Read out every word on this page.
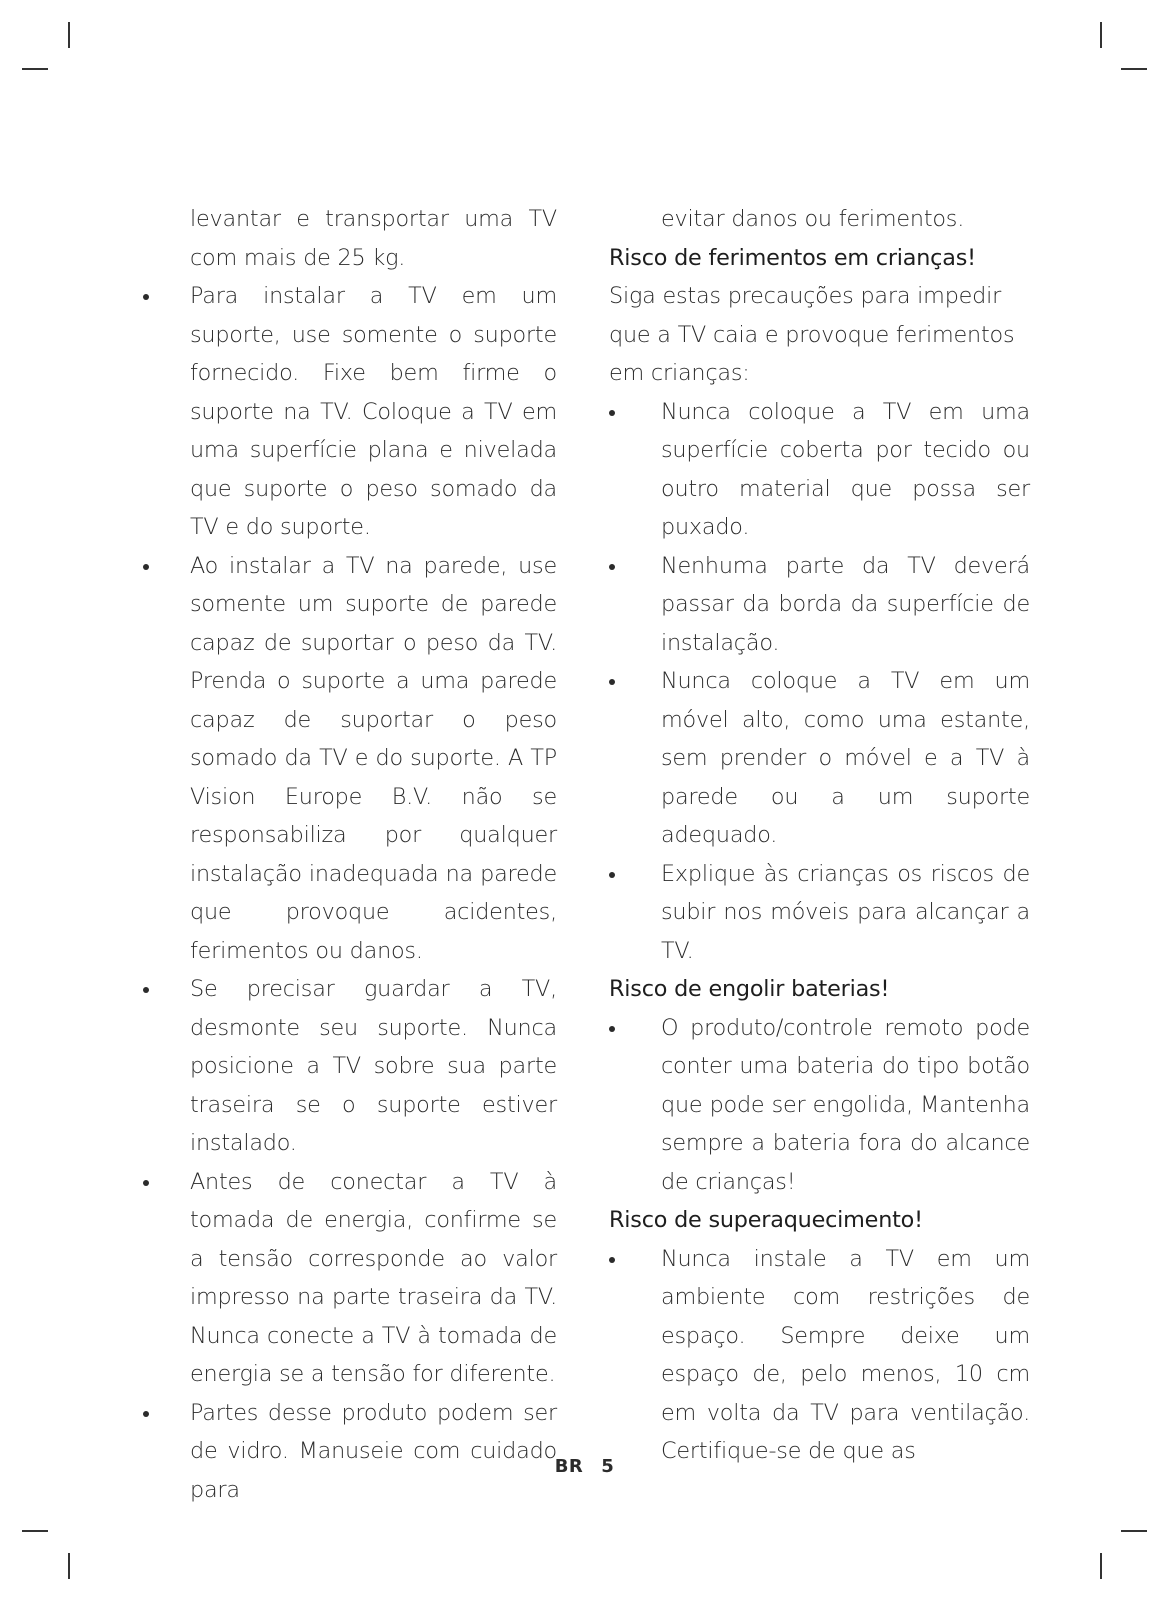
levantar e transportar uma TV com mais de 25 kg.

Para instalar a TV em um suporte, use somente o suporte fornecido. Fixe bem firme o suporte na TV. Coloque a TV em uma superfície plana e nivelada que suporte o peso somado da TV e do suporte.
Ao instalar a TV na parede, use somente um suporte de parede capaz de suportar o peso da TV. Prenda o suporte a uma parede capaz de suportar o peso somado da TV e do suporte. A TP Vision Europe B.V. não se responsabiliza por qualquer instalação inadequada na parede que provoque acidentes, ferimentos ou danos.
Se precisar guardar a TV, desmonte seu suporte. Nunca posicione a TV sobre sua parte traseira se o suporte estiver instalado.
Antes de conectar a TV à tomada de energia, confirme se a tensão corresponde ao valor impresso na parte traseira da TV. Nunca conecte a TV à tomada de energia se a tensão for diferente.
Partes desse produto podem ser de vidro. Manuseie com cuidado para

evitar danos ou ferimentos.

Risco de ferimentos em crianças!

Siga estas precauções para impedir que a TV caia e provoque ferimentos em crianças:

Nunca coloque a TV em uma superfície coberta por tecido ou outro material que possa ser puxado.
Nenhuma parte da TV deverá passar da borda da superfície de instalação.
Nunca coloque a TV em um móvel alto, como uma estante, sem prender o móvel e a TV à parede ou a um suporte adequado.
Explique às crianças os riscos de subir nos móveis para alcançar a TV.

Risco de engolir baterias!

O produto/controle remoto pode conter uma bateria do tipo botão que pode ser engolida, Mantenha sempre a bateria fora do alcance de crianças!

Risco de superaquecimento!

Nunca instale a TV em um ambiente com restrições de espaço. Sempre deixe um espaço de, pelo menos, 10 cm em volta da TV para ventilação. Certifique-se de que as
BR 5
